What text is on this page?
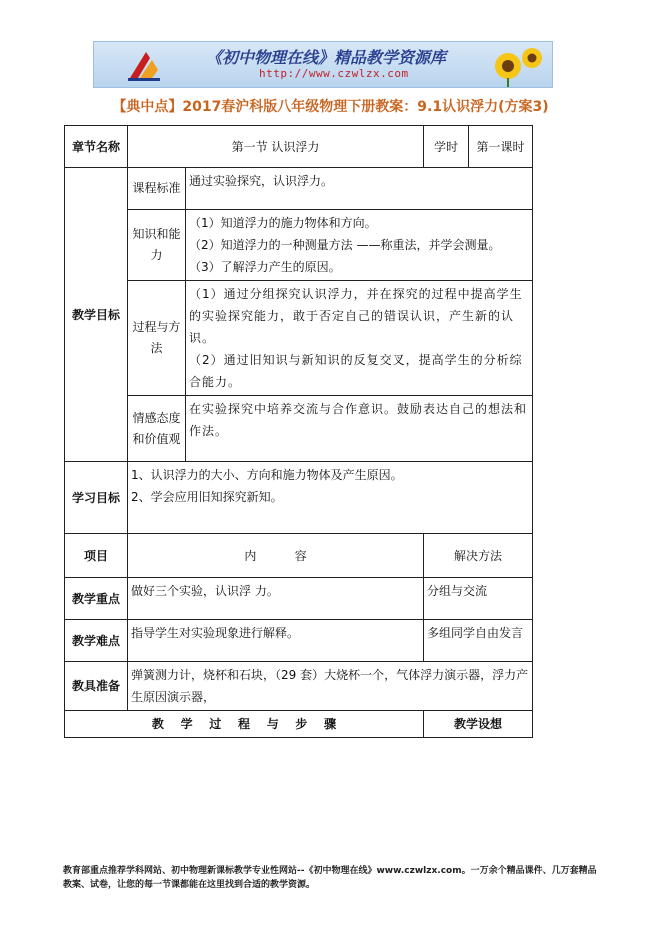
《初中物理在线》精品教学资源库
http://www.czwlzx.com
【典中点】2017春沪科版八年级物理下册教案：9.1认识浮力(方案3)
章节名称	第一节 认识浮力		学时	第一课时
教学目标	课程标准	通过实验探究，认识浮力。		
	知识和能力	（1）知道浮力的施力物体和方向。
（2）知道浮力的一种测量方法 ——称重法，并学会测量。
（3）了解浮力产生的原因。		

	过程与方法	（1）通过分组探究认识浮力，并在探究的过程中提高学生的实验探究能力，敢于否定自己的错误认识，产生新的认识。
（2）通过旧知识与新知识的反复交叉，提高学生的分析综合能力。		

	情感态度和价值观	在实验探究中培养交流与合作意识。鼓励表达自己的想法和作法。		
学习目标	1、认识浮力的大小、方向和施力物体及产生原因。
2、学会应用旧知探究新知。			

项目	内          容		解决方法	
教学重点	做好三个实验，认识浮 力。		分组与交流	
教学难点	指导学生对实验现象进行解释。		多组同学自由发言	
教具准备	弹簧测力计，烧杯和石块，（29 套）大烧杯一个，气体浮力演示器，浮力产生原因演示器，			
教    学    过    程    与    步    骤			教学设想	
教育部重点推荐学科网站、初中物理新课标教学专业性网站--《初中物理在线》www.czwlzx.com。一万余个精品课件、几万套精品教案、试卷，让您的每一节课都能在这里找到合适的教学资源。
